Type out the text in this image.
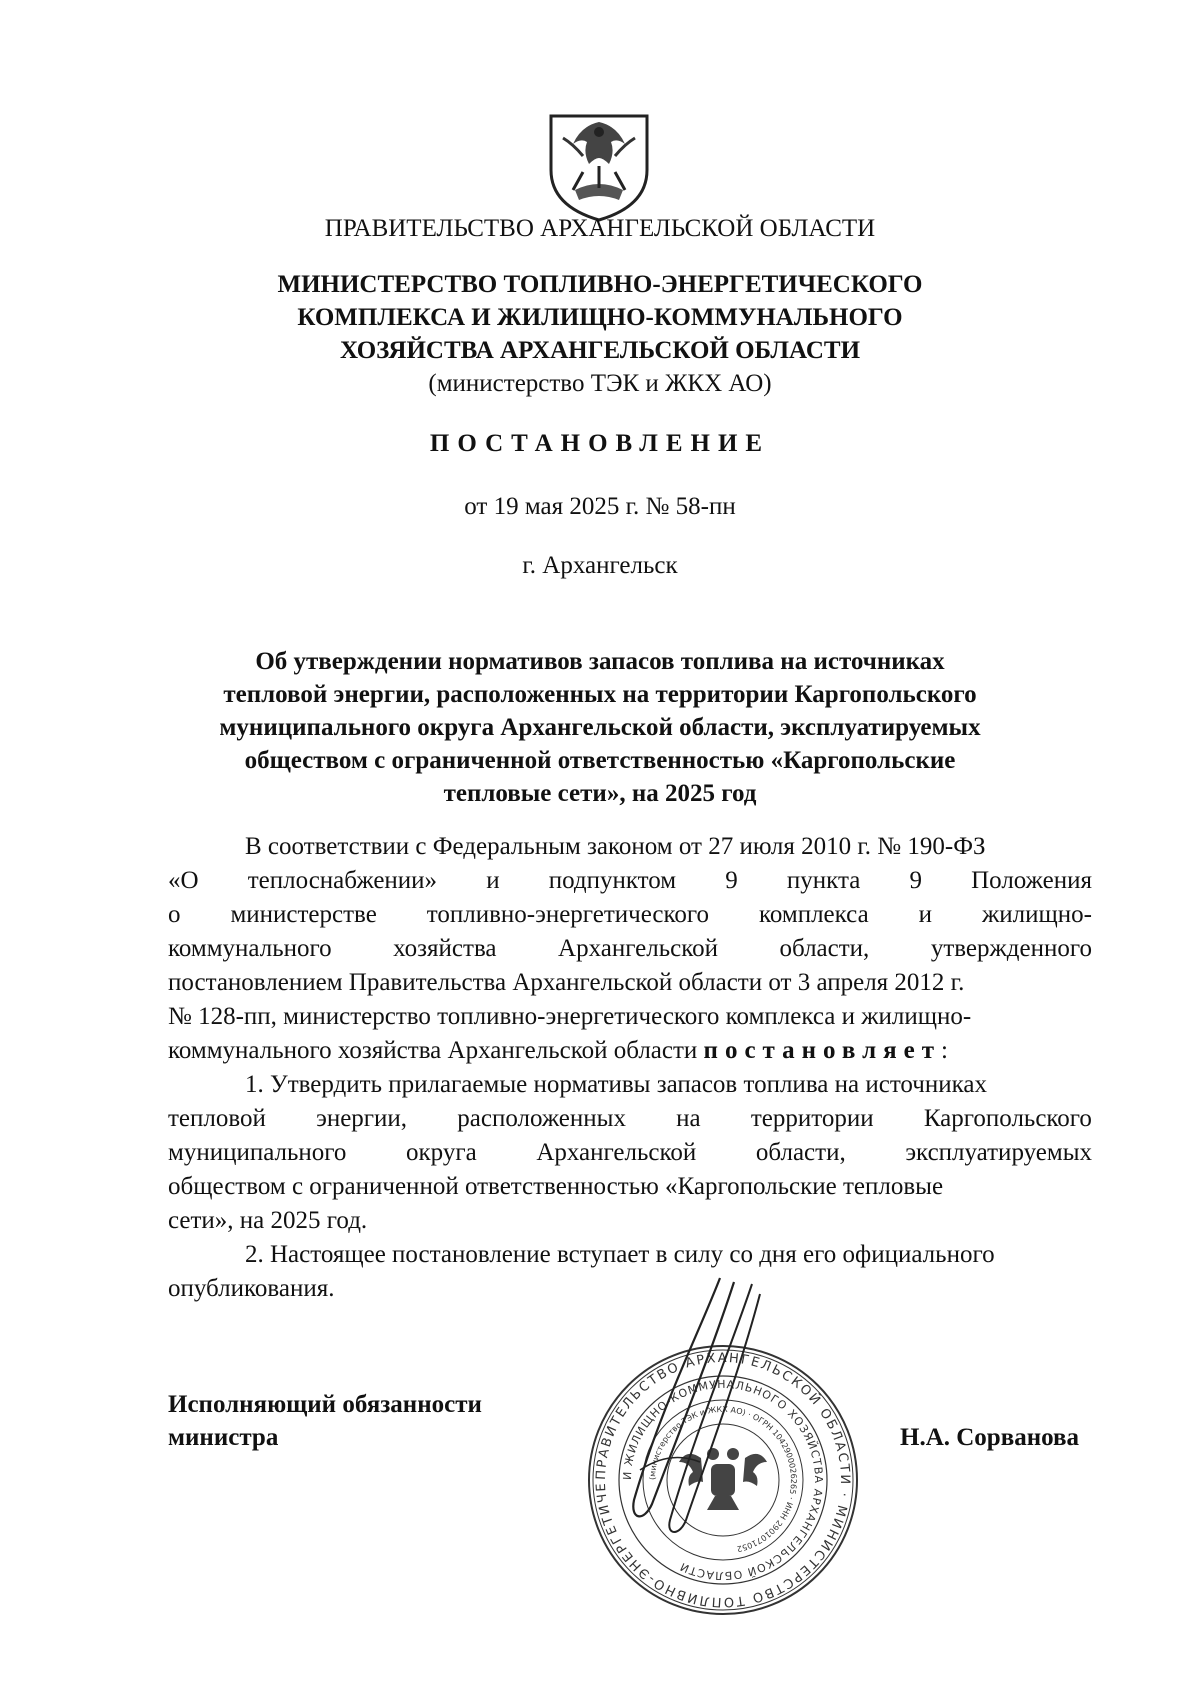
ПРАВИТЕЛЬСТВО АРХАНГЕЛЬСКОЙ ОБЛАСТИ
МИНИСТЕРСТВО ТОПЛИВНО-ЭНЕРГЕТИЧЕСКОГО
КОМПЛЕКСА И ЖИЛИЩНО-КОММУНАЛЬНОГО
ХОЗЯЙСТВА АРХАНГЕЛЬСКОЙ ОБЛАСТИ
(министерство ТЭК и ЖКХ АО)
ПОСТАНОВЛЕНИЕ
от 19 мая 2025 г. № 58-пн
г. Архангельск
Об утверждении нормативов запасов топлива на источниках
тепловой энергии, расположенных на территории Каргопольского
муниципального округа Архангельской области, эксплуатируемых
обществом с ограниченной ответственностью «Каргопольские
тепловые сети», на 2025 год
В соответствии с Федеральным законом от 27 июля 2010 г. № 190-ФЗ
«О теплоснабжении» и подпунктом 9 пункта 9 Положения
о министерстве топливно-энергетического комплекса и жилищно-
коммунального хозяйства Архангельской области, утвержденного
постановлением Правительства Архангельской области от 3 апреля 2012 г.
№ 128-пп, министерство топливно-энергетического комплекса и жилищно-
коммунального хозяйства Архангельской области постановляет:
1. Утвердить прилагаемые нормативы запасов топлива на источниках
тепловой энергии, расположенных на территории Каргопольского
муниципального округа Архангельской области, эксплуатируемых
обществом с ограниченной ответственностью «Каргопольские тепловые
сети», на 2025 год.
2. Настоящее постановление вступает в силу со дня его официального
опубликования.
Исполняющий обязанности
министра	Н.А. Сорванова
ПРАВИТЕЛЬСТВО АРХАНГЕЛЬСКОЙ ОБЛАСТИ · МИНИСТЕРСТВО ТОПЛИВНО-ЭНЕРГЕТИЧЕ
И ЖИЛИЩНО-КОММУНАЛЬНОГО ХОЗЯЙСТВА АРХАНГЕЛЬСКОЙ ОБЛАСТИ
(министерство ТЭК и ЖКХ АО) · ОГРН 1042900026265 · ИНН 2901071052
